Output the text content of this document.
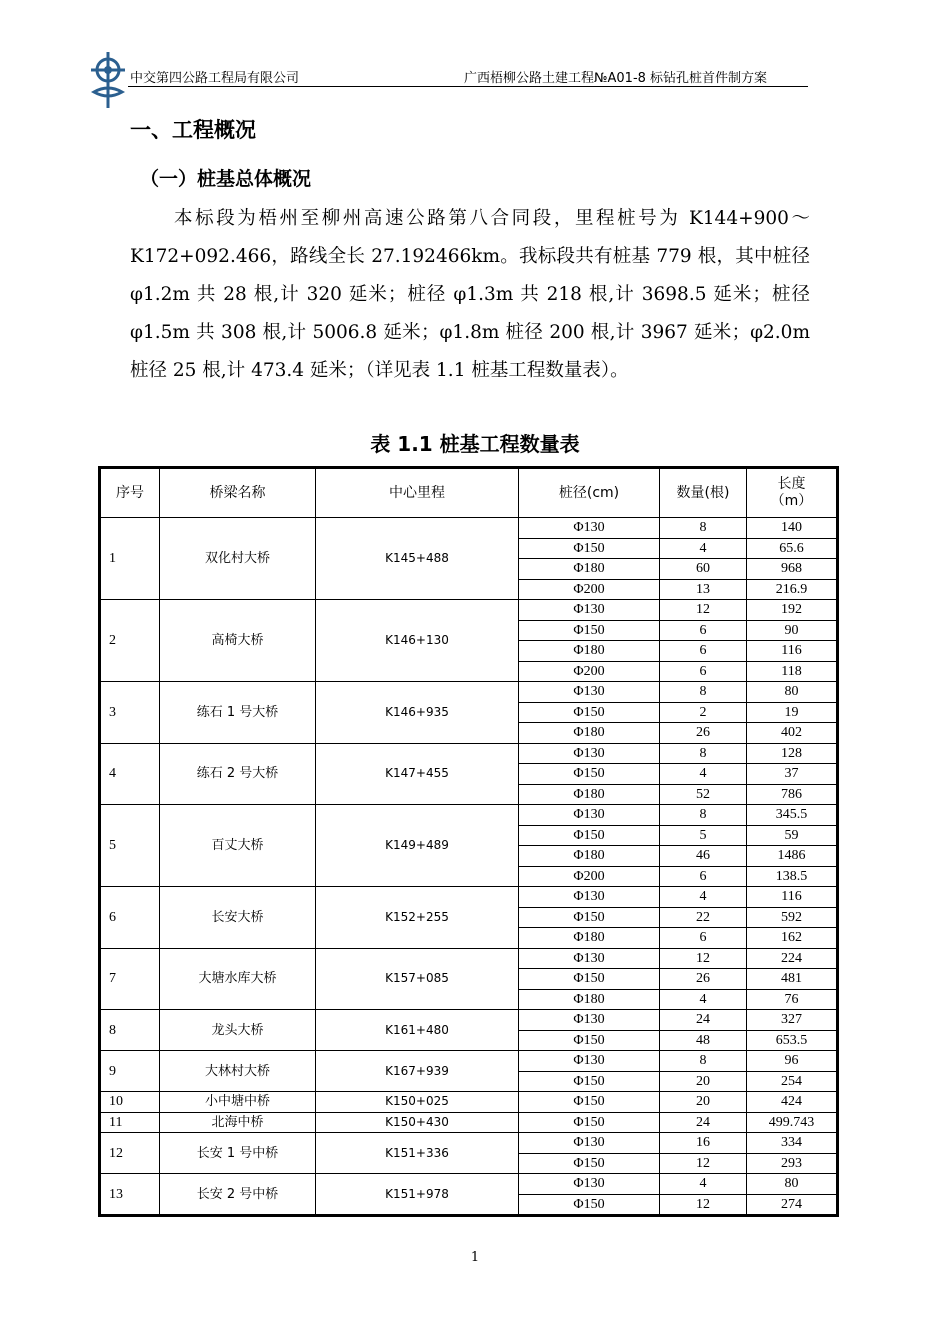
中交第四公路工程局有限公司	广西梧柳公路土建工程№A01-8 标钻孔桩首件制方案
一、工程概况
（一）桩基总体概况

本标段为梧州至柳州高速公路第八合同段，里程桩号为 K144+900～K172+092.466，路线全长 27.192466km。我标段共有桩基 779 根，其中桩径 φ1.2m 共 28 根,计 320 延米；桩径 φ1.3m 共 218 根,计 3698.5 延米；桩径 φ1.5m 共 308 根,计 5006.8 延米；φ1.8m 桩径 200 根,计 3967 延米；φ2.0m 桩径 25 根,计 473.4 延米；（详见表 1.1 桩基工程数量表）。

表 1.1 桩基工程数量表
序号	桥梁名称	中心里程	桩径(cm)	数量(根)	长度
（m）

1	双化村大桥	K145+488	Φ130	8	140
			Φ150	4	65.6
			Φ180	60	968
			Φ200	13	216.9
2	高椅大桥	K146+130	Φ130	12	192
			Φ150	6	90
			Φ180	6	116
			Φ200	6	118
3	练石 1 号大桥	K146+935	Φ130	8	80
			Φ150	2	19
			Φ180	26	402
4	练石 2 号大桥	K147+455	Φ130	8	128
			Φ150	4	37
			Φ180	52	786
5	百丈大桥	K149+489	Φ130	8	345.5
			Φ150	5	59
			Φ180	46	1486
			Φ200	6	138.5
6	长安大桥	K152+255	Φ130	4	116
			Φ150	22	592
			Φ180	6	162
7	大塘水库大桥	K157+085	Φ130	12	224
			Φ150	26	481
			Φ180	4	76
8	龙头大桥	K161+480	Φ130	24	327
			Φ150	48	653.5
9	大林村大桥	K167+939	Φ130	8	96
			Φ150	20	254
10	小中塘中桥	K150+025	Φ150	20	424
11	北海中桥	K150+430	Φ150	24	499.743
12	长安 1 号中桥	K151+336	Φ130	16	334
			Φ150	12	293
13	长安 2 号中桥	K151+978	Φ130	4	80
			Φ150	12	274
1
